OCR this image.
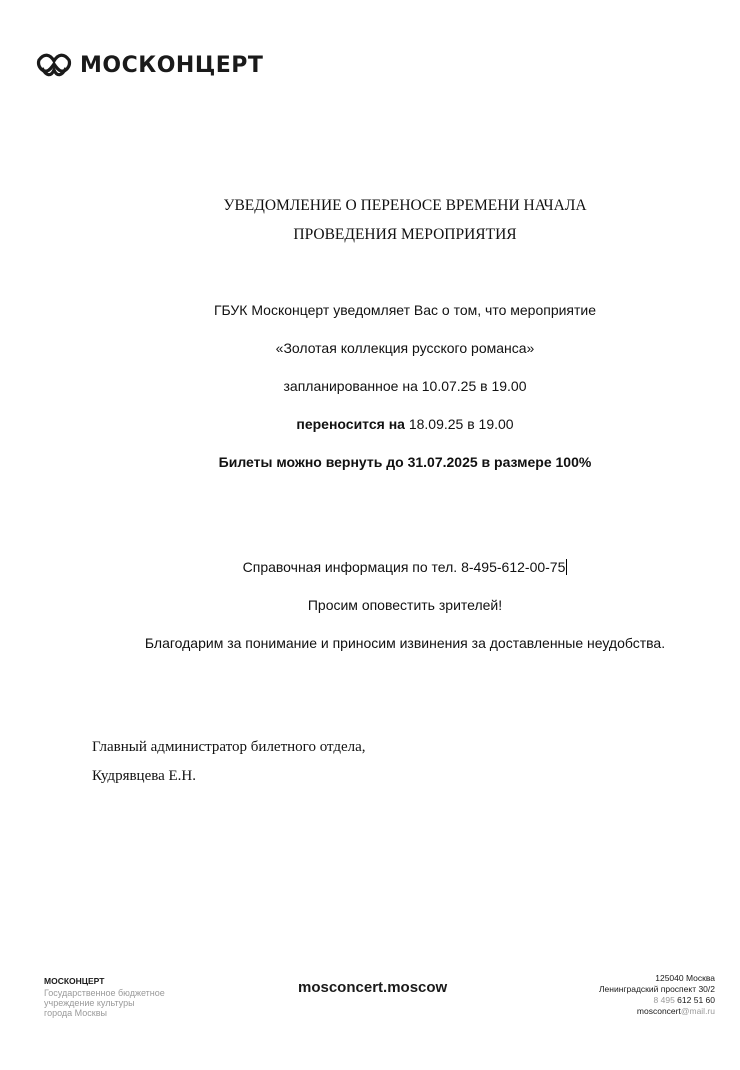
МОСКОНЦЕРТ
УВЕДОМЛЕНИЕ О ПЕРЕНОСЕ ВРЕМЕНИ НАЧАЛА
ПРОВЕДЕНИЯ МЕРОПРИЯТИЯ
ГБУК Москонцерт уведомляет Вас о том, что мероприятие
«Золотая коллекция русского романса»
запланированное на 10.07.25 в 19.00
переносится на 18.09.25 в 19.00
Билеты можно вернуть до 31.07.2025 в размере 100%
Справочная информация по тел. 8-495-612-00-75
Просим оповестить зрителей!
Благодарим за понимание и приносим извинения за доставленные неудобства.
Главный администратор билетного отдела,
Кудрявцева Е.Н.
МОСКОНЦЕРТ
Государственное бюджетное
учреждение культуры
города Москвы
mosconcert.moscow
125040 Москва
Ленинградский проспект 30/2
8 495 612 51 60
mosconcert@mail.ru
